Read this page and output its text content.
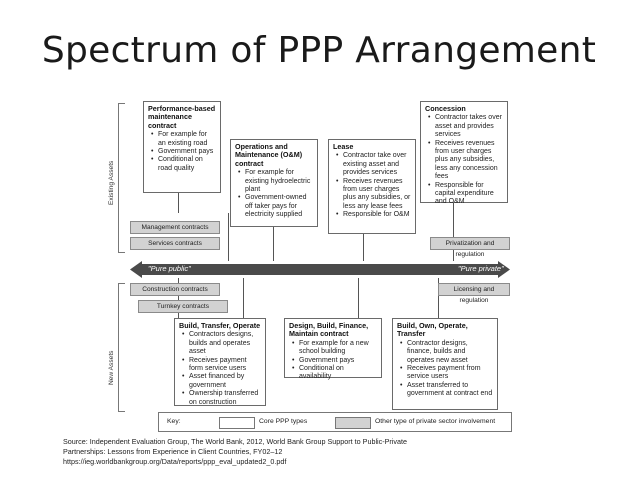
Spectrum of PPP Arrangement
Existing Assets
New Assets
Performance-based maintenance contract
• For example for an existing road
• Government pays
• Conditional on road quality
Operations and Maintenance (O&M) contract
• For example for existing hydroelectric plant
• Government-owned off taker pays for electricity supplied
Lease
• Contractor take over existing asset and provides services
• Receives revenues from user charges plus any subsidies, or less any lease fees
• Responsible for O&M
Concession
• Contractor takes over asset and provides services
• Receives revenues from user charges plus any subsidies, less any concession fees
• Responsible for capital expenditure and O&M
Management contracts
Services contracts	Privatization and regulation
"Pure public"	"Pure private"
Construction contracts
Turnkey contracts
Licensing and regulation
Build, Transfer, Operate
• Contractors designs, builds and operates asset
• Receives payment form service users
• Asset financed by government
• Ownership transferred on construction
Design, Build, Finance, Maintain contract
• For example for a new school building
• Government pays
• Conditional on availability
Build, Own, Operate, Transfer
• Contractor designs, finance, builds and operates new asset
• Receives payment from service users
• Asset transferred to government at contract end
Key:	Core PPP types	Other type of private sector involvement
Source: Independent Evaluation Group, The World Bank, 2012, World Bank Group Support to Public-Private
Partnerships: Lessons from Experience in Client Countries, FY02–12
https://ieg.worldbankgroup.org/Data/reports/ppp_eval_updated2_0.pdf
